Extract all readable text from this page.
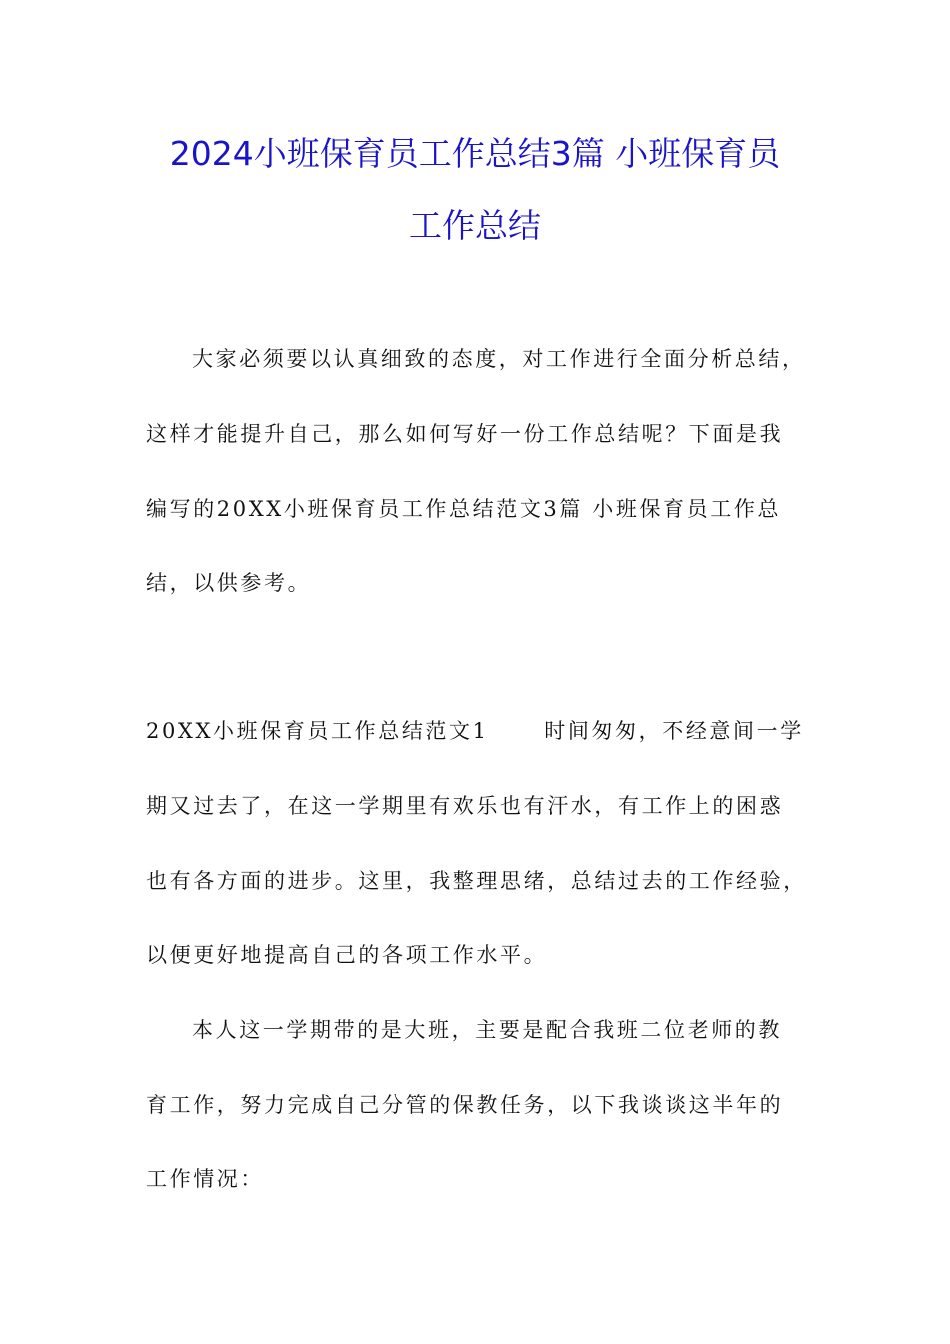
2024小班保育员工作总结3篇 小班保育员
工作总结
大家必须要以认真细致的态度，对工作进行全面分析总结，
这样才能提升自己，那么如何写好一份工作总结呢？下面是我
编写的20XX小班保育员工作总结范文3篇 小班保育员工作总
结，以供参考。
20XX小班保育员工作总结范文1      时间匆匆，不经意间一学
期又过去了，在这一学期里有欢乐也有汗水，有工作上的困惑
也有各方面的进步。这里，我整理思绪，总结过去的工作经验，
以便更好地提高自己的各项工作水平。
本人这一学期带的是大班，主要是配合我班二位老师的教
育工作，努力完成自己分管的保教任务，以下我谈谈这半年的
工作情况：
